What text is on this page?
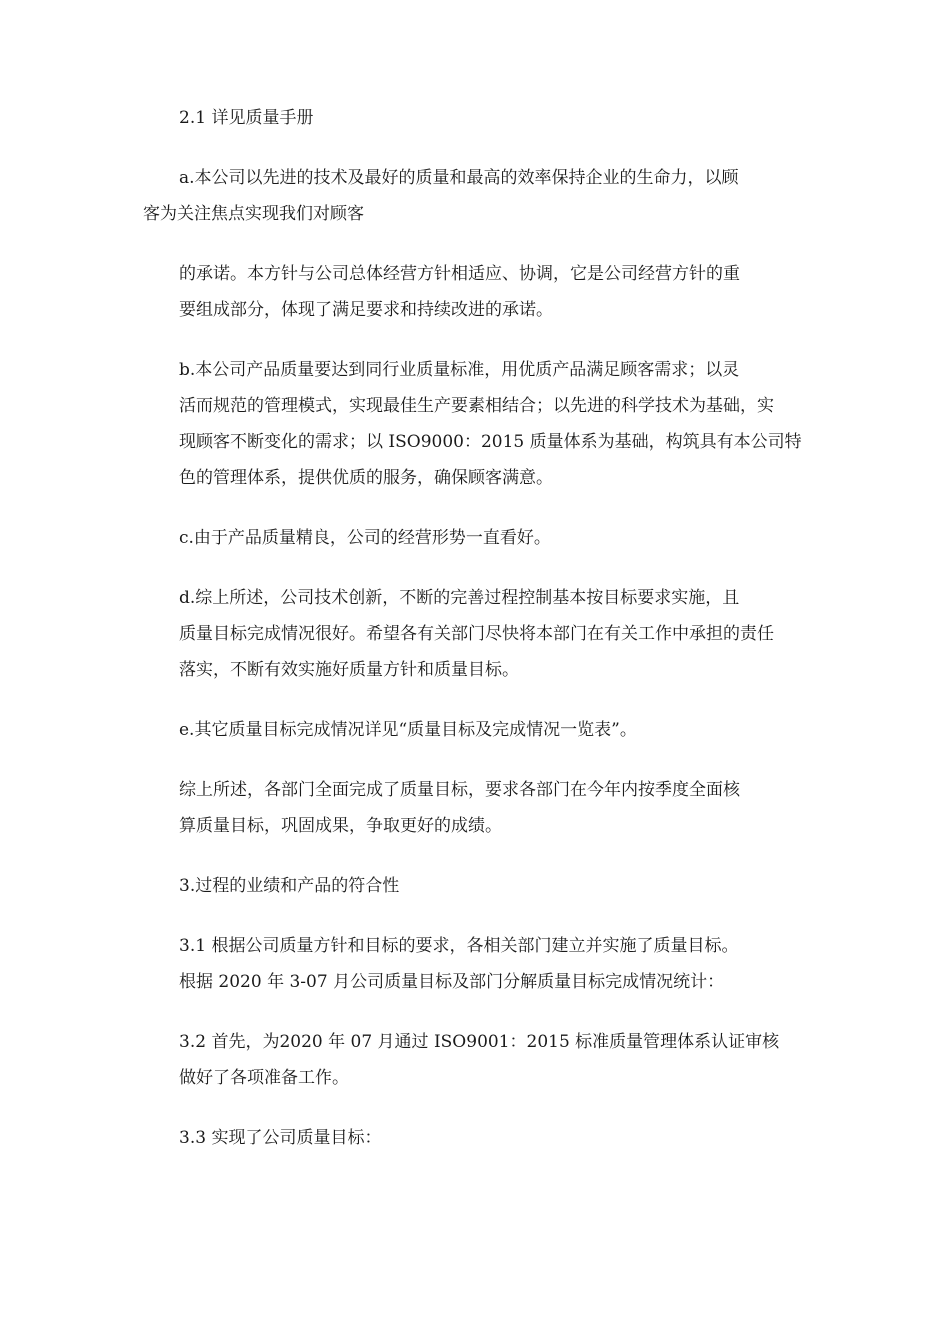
2.1 详见质量手册

a.本公司以先进的技术及最好的质量和最高的效率保持企业的生命力，以顾
客为关注焦点实现我们对顾客

的承诺。本方针与公司总体经营方针相适应、协调，它是公司经营方针的重
要组成部分，体现了满足要求和持续改进的承诺。

b.本公司产品质量要达到同行业质量标准，用优质产品满足顾客需求；以灵
活而规范的管理模式，实现最佳生产要素相结合；以先进的科学技术为基础，实
现顾客不断变化的需求；以 ISO9000：2015 质量体系为基础，构筑具有本公司特
色的管理体系，提供优质的服务，确保顾客满意。

c.由于产品质量精良，公司的经营形势一直看好。

d.综上所述，公司技术创新，不断的完善过程控制基本按目标要求实施，且
质量目标完成情况很好。希望各有关部门尽快将本部门在有关工作中承担的责任
落实，不断有效实施好质量方针和质量目标。

e.其它质量目标完成情况详见“质量目标及完成情况一览表”。

综上所述，各部门全面完成了质量目标，要求各部门在今年内按季度全面核
算质量目标，巩固成果，争取更好的成绩。

3.过程的业绩和产品的符合性

3.1 根据公司质量方针和目标的要求，各相关部门建立并实施了质量目标。
根据 2020 年 3-07 月公司质量目标及部门分解质量目标完成情况统计：

3.2 首先，为2020 年 07 月通过 ISO9001：2015 标准质量管理体系认证审核
做好了各项准备工作。

3.3 实现了公司质量目标：
